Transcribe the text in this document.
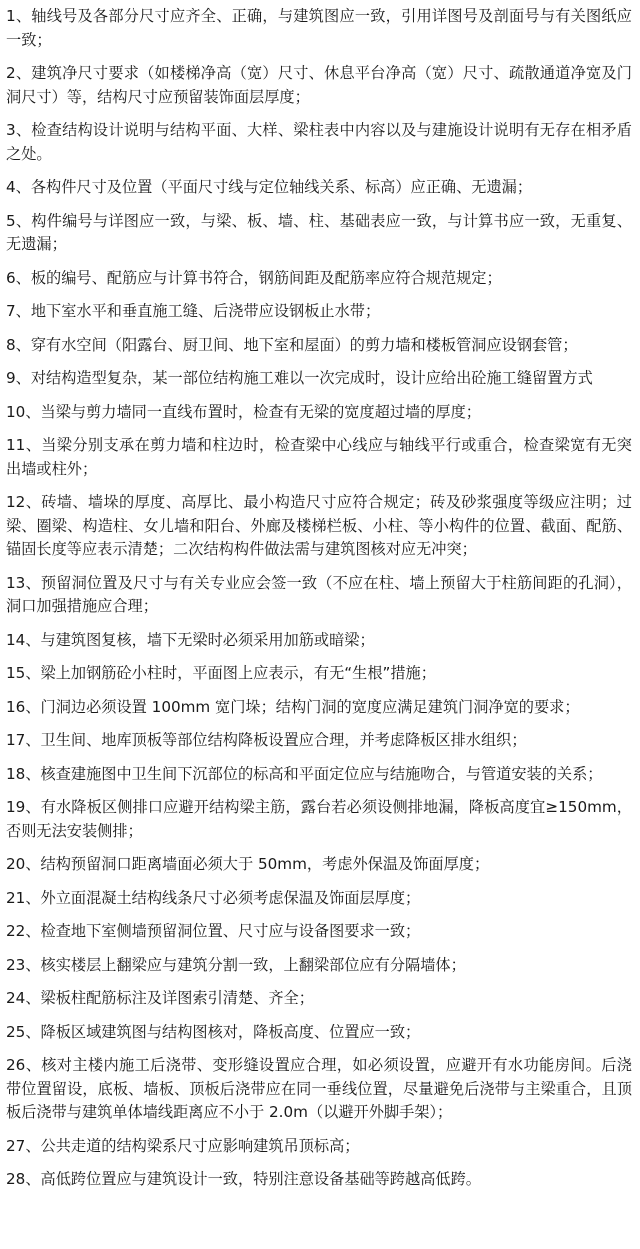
1、轴线号及各部分尺寸应齐全、正确，与建筑图应一致，引用详图号及剖面号与有关图纸应一致；

2、建筑净尺寸要求（如楼梯净高（宽）尺寸、休息平台净高（宽）尺寸、疏散通道净宽及门洞尺寸）等，结构尺寸应预留装饰面层厚度；

3、检查结构设计说明与结构平面、大样、梁柱表中内容以及与建施设计说明有无存在相矛盾之处。

4、各构件尺寸及位置（平面尺寸线与定位轴线关系、标高）应正确、无遗漏；

5、构件编号与详图应一致，与梁、板、墙、柱、基础表应一致，与计算书应一致，无重复、无遗漏；

6、板的编号、配筋应与计算书符合，钢筋间距及配筋率应符合规范规定；

7、地下室水平和垂直施工缝、后浇带应设钢板止水带；

8、穿有水空间（阳露台、厨卫间、地下室和屋面）的剪力墙和楼板管洞应设钢套管；

9、对结构造型复杂，某一部位结构施工难以一次完成时，设计应给出砼施工缝留置方式

10、当梁与剪力墙同一直线布置时，检查有无梁的宽度超过墙的厚度；

11、当梁分别支承在剪力墙和柱边时，检查梁中心线应与轴线平行或重合，检查梁宽有无突出墙或柱外；

12、砖墙、墙垛的厚度、高厚比、最小构造尺寸应符合规定；砖及砂浆强度等级应注明；过梁、圈梁、构造柱、女儿墙和阳台、外廊及楼梯栏板、小柱、等小构件的位置、截面、配筋、锚固长度等应表示清楚；二次结构构件做法需与建筑图核对应无冲突；

13、预留洞位置及尺寸与有关专业应会签一致（不应在柱、墙上预留大于柱筋间距的孔洞），洞口加强措施应合理；

14、与建筑图复核，墙下无梁时必须采用加筋或暗梁；

15、梁上加钢筋砼小柱时，平面图上应表示，有无“生根”措施；

16、门洞边必须设置 100mm 宽门垛；结构门洞的宽度应满足建筑门洞净宽的要求；

17、卫生间、地库顶板等部位结构降板设置应合理，并考虑降板区排水组织；

18、核查建施图中卫生间下沉部位的标高和平面定位应与结施吻合，与管道安装的关系；

19、有水降板区侧排口应避开结构梁主筋，露台若必须设侧排地漏，降板高度宜≥150mm，否则无法安装侧排；

20、结构预留洞口距离墙面必须大于 50mm，考虑外保温及饰面厚度；

21、外立面混凝土结构线条尺寸必须考虑保温及饰面层厚度；

22、检查地下室侧墙预留洞位置、尺寸应与设备图要求一致；

23、核实楼层上翻梁应与建筑分割一致，上翻梁部位应有分隔墙体；

24、梁板柱配筋标注及详图索引清楚、齐全；

25、降板区域建筑图与结构图核对，降板高度、位置应一致；

26、核对主楼内施工后浇带、变形缝设置应合理，如必须设置，应避开有水功能房间。后浇带位置留设，底板、墙板、顶板后浇带应在同一垂线位置，尽量避免后浇带与主梁重合，且顶板后浇带与建筑单体墙线距离应不小于 2.0m（以避开外脚手架）；

27、公共走道的结构梁系尺寸应影响建筑吊顶标高；

28、高低跨位置应与建筑设计一致，特别注意设备基础等跨越高低跨。
